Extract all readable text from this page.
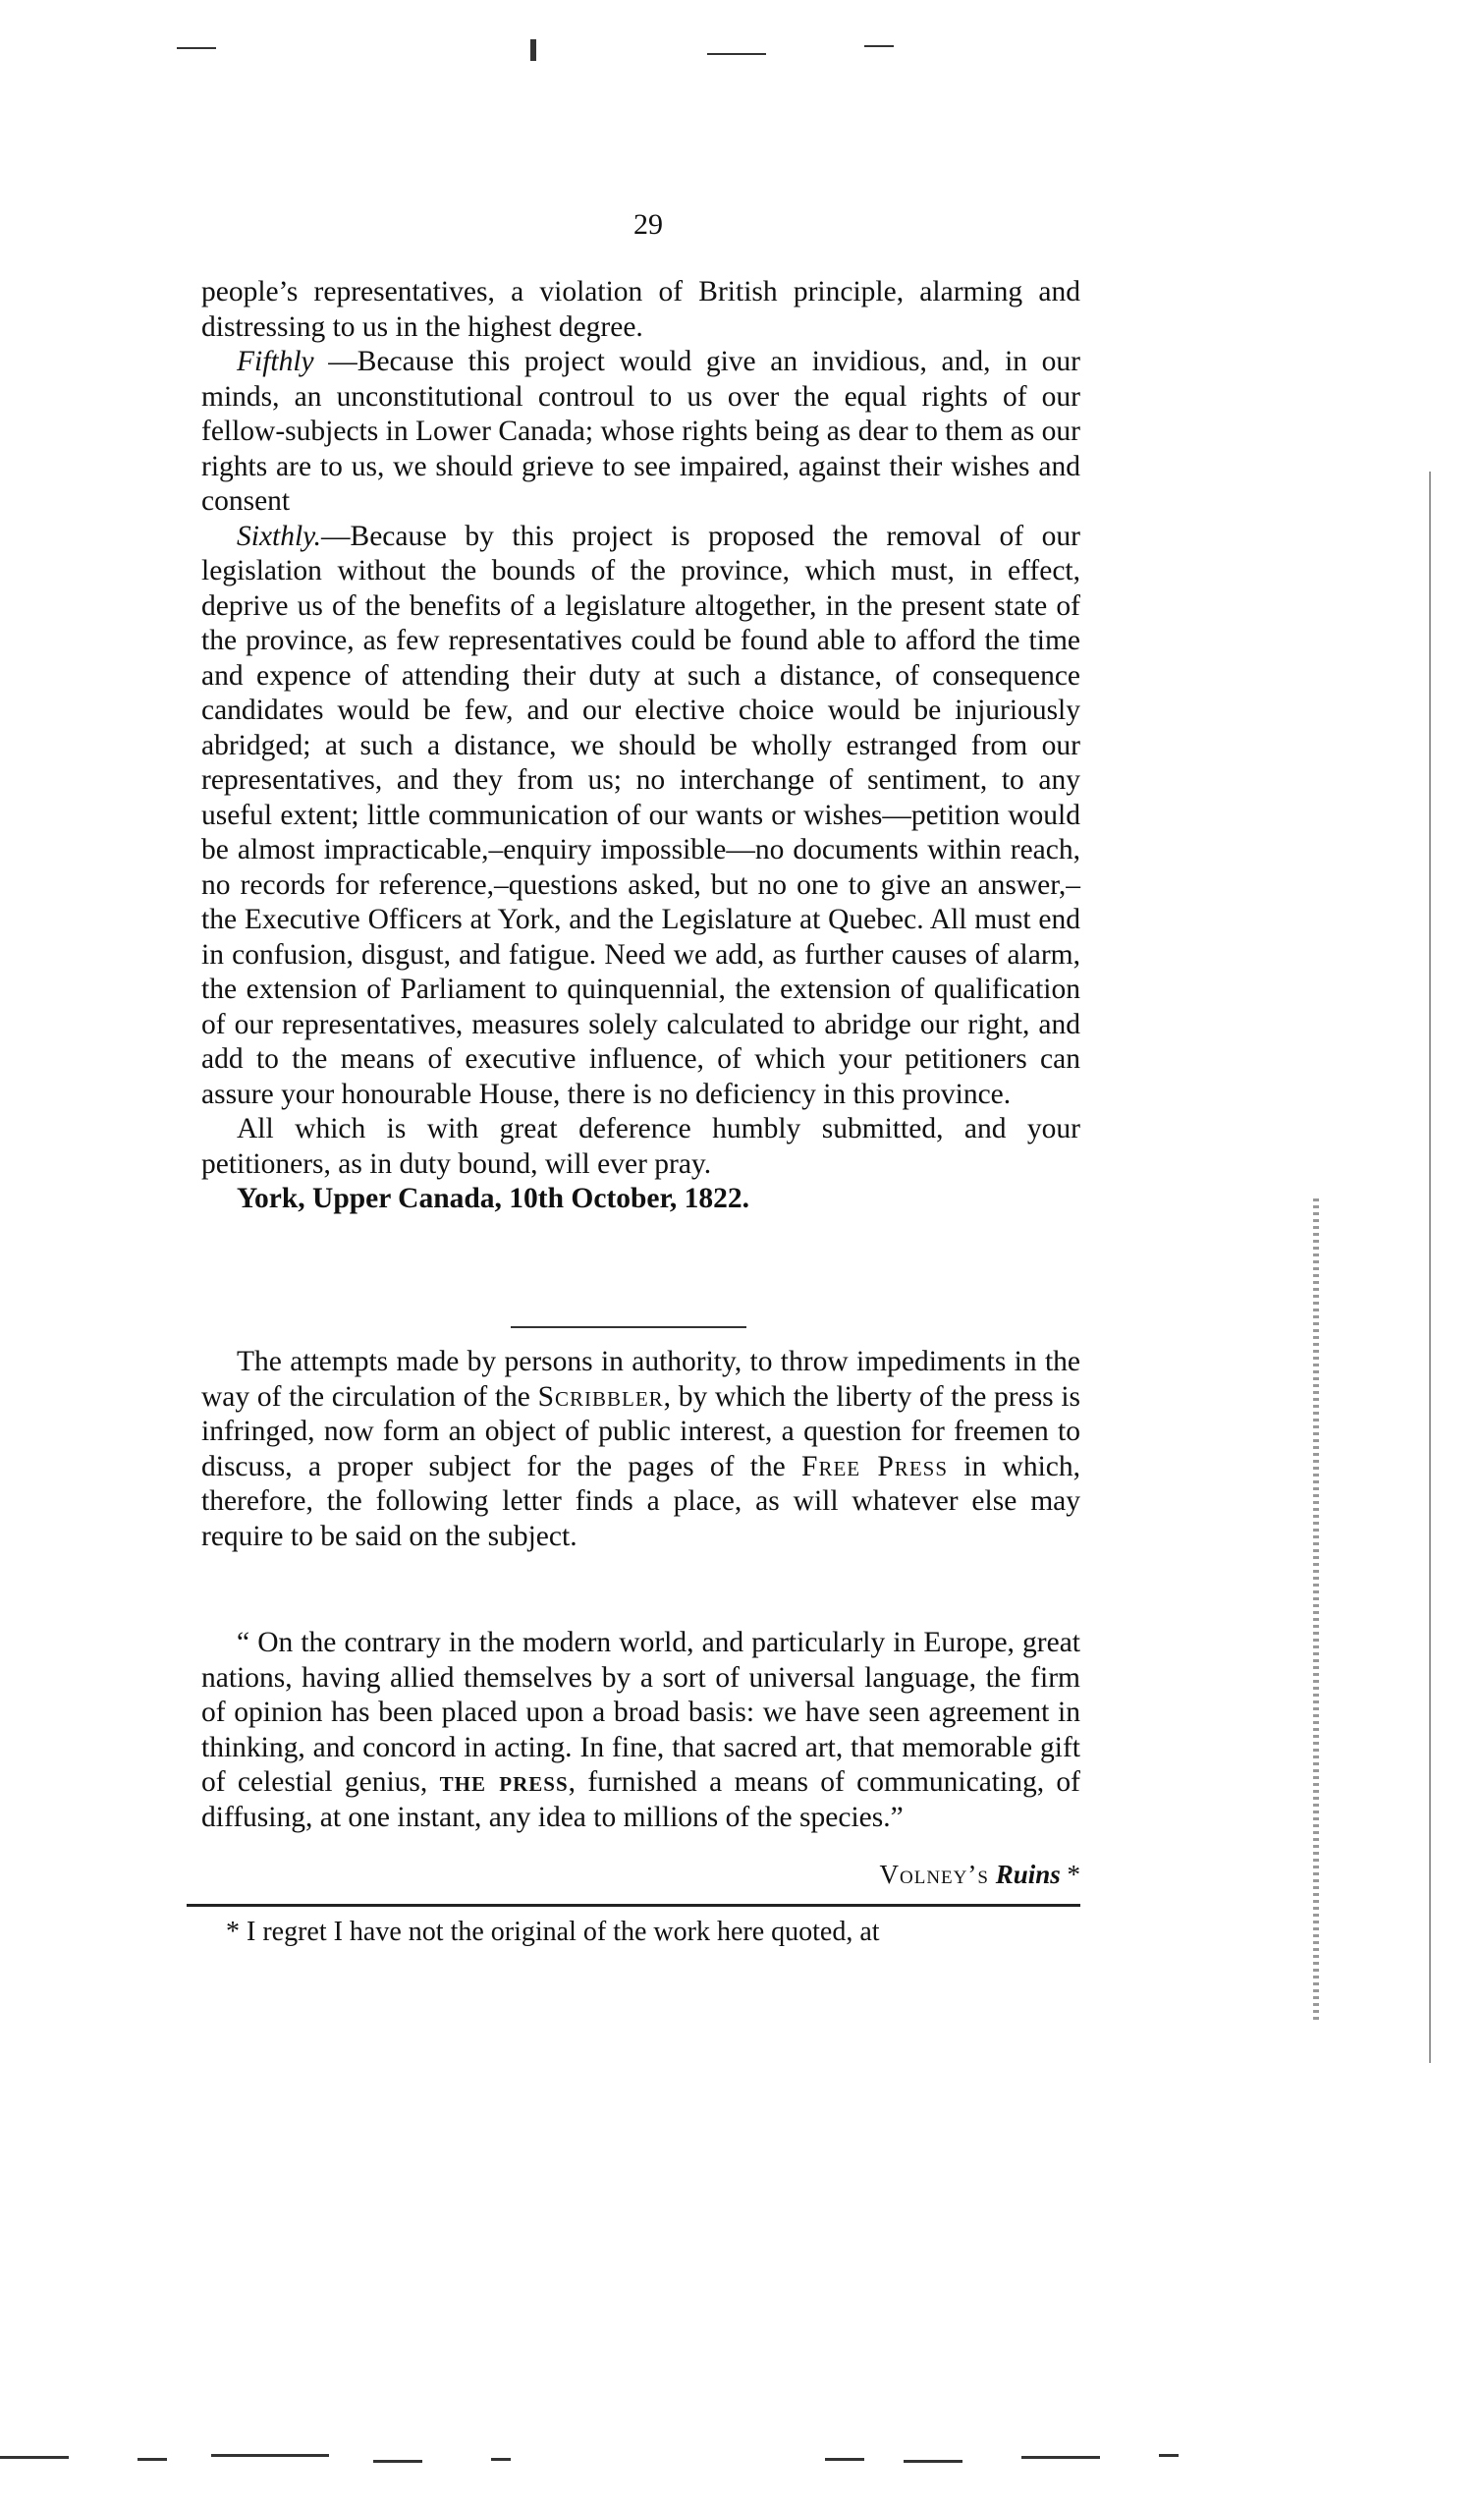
29

people’s representatives, a violation of British principle, alarming and distressing to us in the highest degree.

Fifthly —Because this project would give an invidious, and, in our minds, an unconstitutional controul to us over the equal rights of our fellow-subjects in Lower Canada; whose rights being as dear to them as our rights are to us, we should grieve to see impaired, against their wishes and consent

Sixthly.—Because by this project is proposed the removal of our legislation without the bounds of the province, which must, in effect, deprive us of the benefits of a legislature altogether, in the present state of the province, as few representatives could be found able to afford the time and expence of attending their duty at such a distance, of consequence candidates would be few, and our elective choice would be injuriously abridged; at such a distance, we should be wholly estranged from our representatives, and they from us; no interchange of sentiment, to any useful extent; little communication of our wants or wishes—petition would be almost impracticable,–enquiry impossible—no documents within reach, no records for reference,–questions asked, but no one to give an answer,–the Executive Officers at York, and the Legislature at Quebec. All must end in confusion, disgust, and fatigue. Need we add, as further causes of alarm, the extension of Parliament to quinquennial, the extension of qualification of our representatives, measures solely calculated to abridge our right, and add to the means of executive influence, of which your petitioners can assure your honourable House, there is no deficiency in this province.

All which is with great deference humbly submitted, and your petitioners, as in duty bound, will ever pray.

York, Upper Canada, 10th October, 1822.

The attempts made by persons in authority, to throw impediments in the way of the circulation of the Scribbler, by which the liberty of the press is infringed, now form an object of public interest, a question for freemen to discuss, a proper subject for the pages of the Free Press in which, therefore, the following letter finds a place, as will whatever else may require to be said on the subject.

“ On the contrary in the modern world, and particularly in Europe, great nations, having allied themselves by a sort of universal language, the firm of opinion has been placed upon a broad basis: we have seen agreement in thinking, and concord in acting. In fine, that sacred art, that memorable gift of celestial genius, the press, furnished a means of communicating, of diffusing, at one instant, any idea to millions of the species.”

Volney’s Ruins *
* I regret I have not the original of the work here quoted, at
